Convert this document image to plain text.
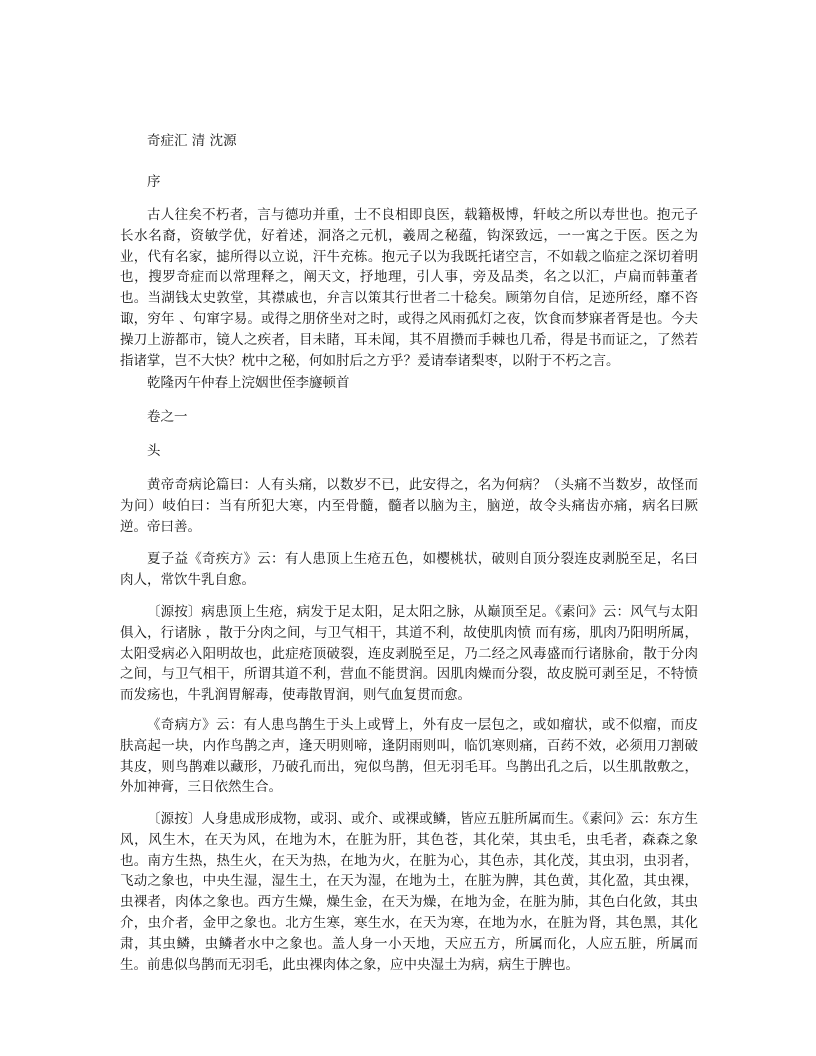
奇症汇 清 沈源
序

古人往矣不朽者，言与德功并重，士不良相即良医，载籍极博，轩岐之所以寿世也。抱元子长水名裔，资敏学优，好着述，洞洛之元机，羲周之秘蕴，钩深致远，一一寓之于医。医之为业，代有名家，摅所得以立说，汗牛充栋。抱元子以为我既托诸空言，不如载之临症之深切着明也，搜罗奇症而以常理释之，阐天文，抒地理，引人事，旁及品类，名之以汇，卢扁而韩董者也。当湖钱太史敦堂，其襟戚也，弁言以策其行世者二十稔矣。顾第勿自信，足迹所经，靡不咨诹，穷年 、句窜字易。或得之朋侪坐对之时，或得之风雨孤灯之夜，饮食而梦寐者胥是也。今夫操刀上游都市，镜人之疾者，目未睹，耳未闻，其不眉攒而手棘也几希，得是书而证之，了然若指诸掌，岂不大快？枕中之秘，何如肘后之方乎？爰请奉诸梨枣，以附于不朽之言。

乾隆丙午仲春上浣姻世侄李旞顿首
卷之一
头

黄帝奇病论篇曰：人有头痛，以数岁不已，此安得之，名为何病？（头痛不当数岁，故怪而为问）岐伯曰：当有所犯大寒，内至骨髓，髓者以脑为主，脑逆，故令头痛齿亦痛，病名曰厥逆。帝曰善。

夏子益《奇疾方》云：有人患顶上生疮五色，如樱桃状，破则自顶分裂连皮剥脱至足，名曰肉人，常饮牛乳自愈。

〔源按〕病患顶上生疮，病发于足太阳，足太阳之脉，从巅顶至足。《素问》云：风气与太阳俱入，行诸脉 ，散于分肉之间，与卫气相干，其道不利，故使肌肉愤 而有疡，肌肉乃阳明所属，太阳受病必入阳明故也，此症疮顶破裂，连皮剥脱至足，乃二经之风毒盛而行诸脉俞，散于分肉之间，与卫气相干，所谓其道不利，营血不能贯润。因肌肉燥而分裂，故皮脱可剥至足，不特愤 而发疡也，牛乳润胃解毒，使毒散胃润，则气血复贯而愈。

《奇病方》云：有人患鸟鹊生于头上或臂上，外有皮一层包之，或如瘤状，或不似瘤，而皮肤高起一块，内作鸟鹊之声，逢天明则啼，逢阴雨则叫，临饥寒则痛，百药不效，必须用刀割破其皮，则鸟鹊难以藏形，乃破孔而出，宛似鸟鹊，但无羽毛耳。鸟鹊出孔之后，以生肌散敷之，外加神膏，三日依然生合。

〔源按〕人身患成形成物，或羽、或介、或裸或鳞，皆应五脏所属而生。《素问》云：东方生风，风生木，在天为风，在地为木，在脏为肝，其色苍，其化荣，其虫毛，虫毛者，森森之象也。南方生热，热生火，在天为热，在地为火，在脏为心，其色赤，其化茂，其虫羽，虫羽者，飞动之象也，中央生湿，湿生土，在天为湿，在地为土，在脏为脾，其色黄，其化盈，其虫裸，虫裸者，肉体之象也。西方生燥，燥生金，在天为燥，在地为金，在脏为肺，其色白化敛，其虫介，虫介者，金甲之象也。北方生寒，寒生水，在天为寒，在地为水，在脏为肾，其色黑，其化肃，其虫鳞，虫鳞者水中之象也。盖人身一小天地，天应五方，所属而化，人应五脏，所属而生。前患似鸟鹊而无羽毛，此虫裸肉体之象，应中央湿土为病，病生于脾也。
